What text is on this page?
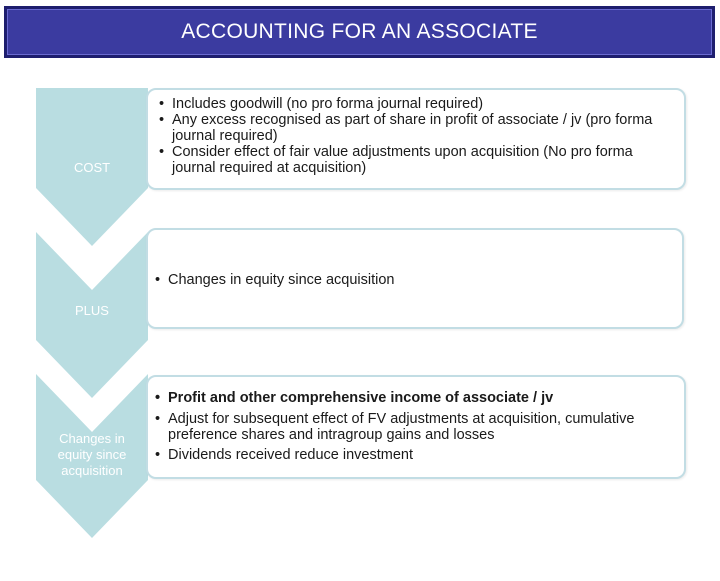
ACCOUNTING FOR AN ASSOCIATE
COST
PLUS
Changes in equity since acquisition
• Includes goodwill (no pro forma journal required)
• Any excess recognised as part of share in profit of associate / jv (pro forma journal required)
• Consider effect of fair value adjustments upon acquisition (No pro forma journal required at acquisition)
• Changes in equity since acquisition
• Profit and other comprehensive income of associate / jv
• Adjust for subsequent effect of FV adjustments at acquisition, cumulative preference shares and intragroup gains and losses
• Dividends received reduce investment
